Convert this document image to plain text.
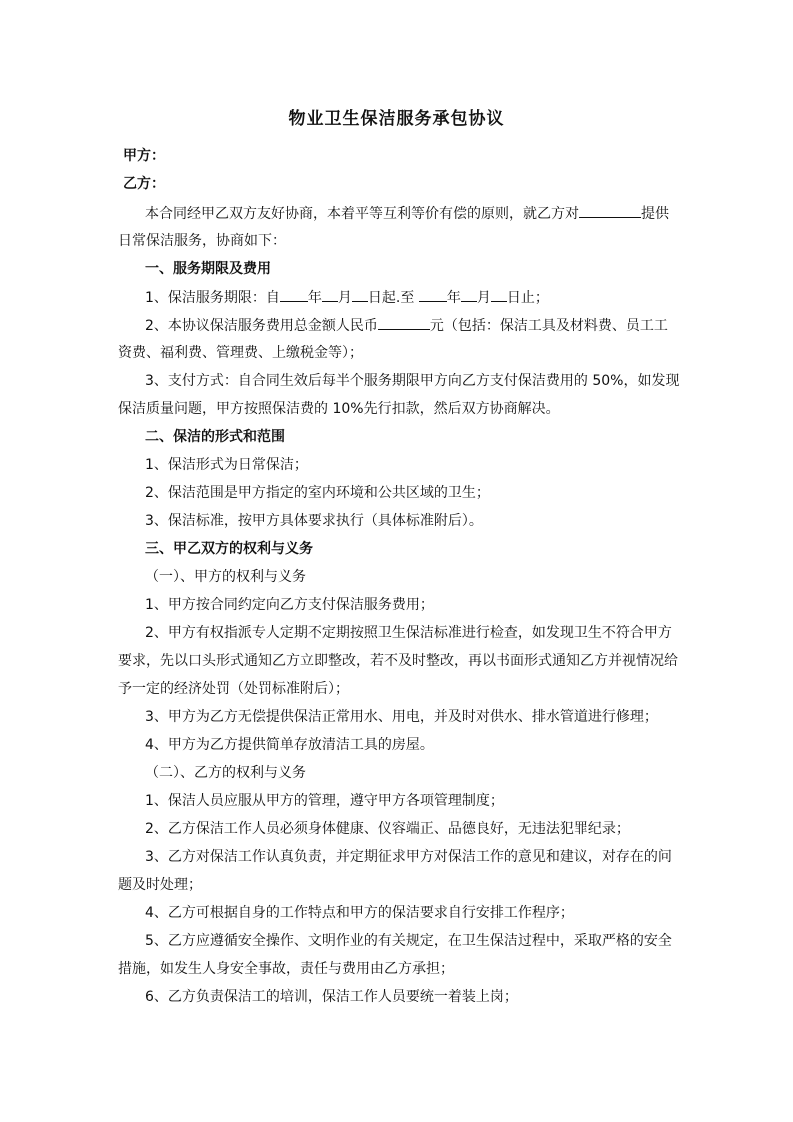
物业卫生保洁服务承包协议
甲方：
乙方：
本合同经甲乙双方友好协商，本着平等互利等价有偿的原则，就乙方对	提供
日常保洁服务，协商如下：
一、服务期限及费用
1、保洁服务期限：自 年 月 日起.至 年 月 日止；
2、本协议保洁服务费用总金额人民币	元（包括：保洁工具及材料费、员工工
资费、福利费、管理费、上缴税金等）；
3、支付方式：自合同生效后每半个服务期限甲方向乙方支付保洁费用的 50%，如发现
保洁质量问题，甲方按照保洁费的 10%先行扣款，然后双方协商解决。
二、保洁的形式和范围
1、保洁形式为日常保洁；
2、保洁范围是甲方指定的室内环境和公共区域的卫生；
3、保洁标准，按甲方具体要求执行（具体标准附后）。
三、甲乙双方的权利与义务
（一）、甲方的权利与义务
1、甲方按合同约定向乙方支付保洁服务费用；
2、甲方有权指派专人定期不定期按照卫生保洁标准进行检查，如发现卫生不符合甲方
要求，先以口头形式通知乙方立即整改，若不及时整改，再以书面形式通知乙方并视情况给
予一定的经济处罚（处罚标准附后）；
3、甲方为乙方无偿提供保洁正常用水、用电，并及时对供水、排水管道进行修理；
4、甲方为乙方提供简单存放清洁工具的房屋。
（二）、乙方的权利与义务
1、保洁人员应服从甲方的管理，遵守甲方各项管理制度；
2、乙方保洁工作人员必须身体健康、仪容端正、品德良好，无违法犯罪纪录；
3、乙方对保洁工作认真负责，并定期征求甲方对保洁工作的意见和建议，对存在的问
题及时处理；
4、乙方可根据自身的工作特点和甲方的保洁要求自行安排工作程序；
5、乙方应遵循安全操作、文明作业的有关规定，在卫生保洁过程中，采取严格的安全
措施，如发生人身安全事故，责任与费用由乙方承担；
6、乙方负责保洁工的培训，保洁工作人员要统一着装上岗；
